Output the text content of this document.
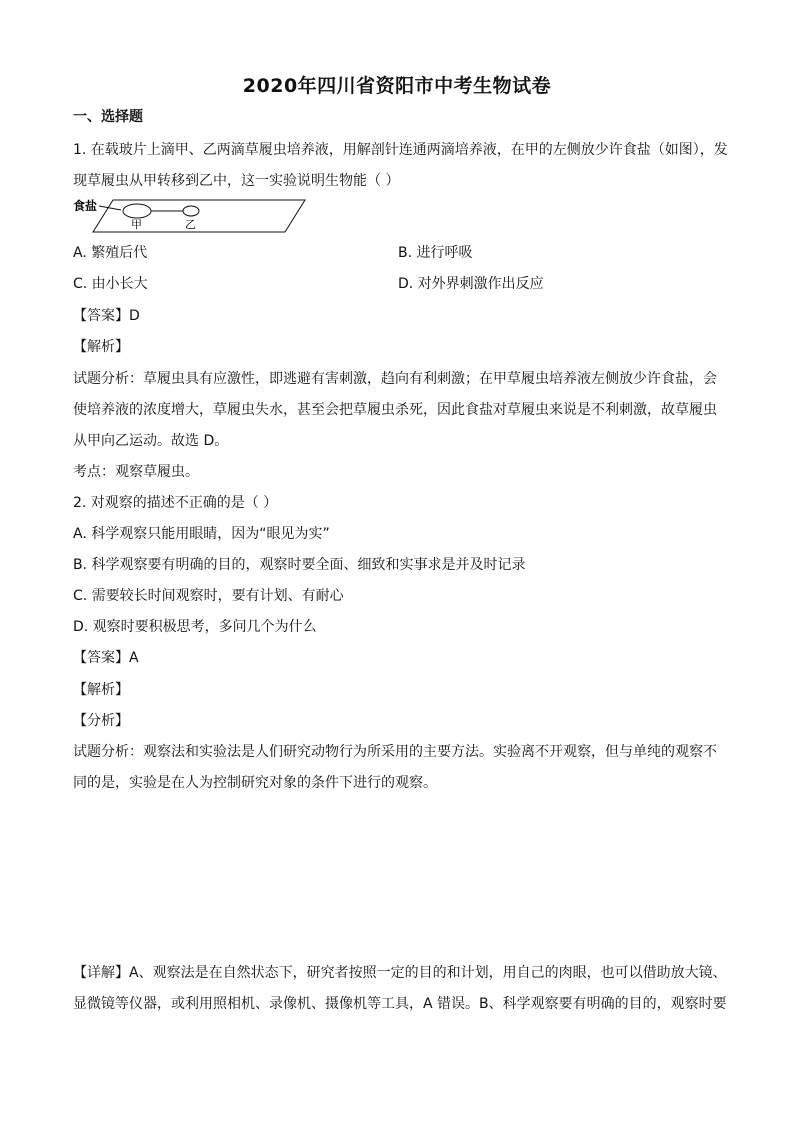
2020年四川省资阳市中考生物试卷
一、选择题
1. 在载玻片上滴甲、乙两滴草履虫培养液，用解剖针连通两滴培养液，在甲的左侧放少许食盐（如图），发
现草履虫从甲转移到乙中，这一实验说明生物能（ ）
食盐
甲	乙
A. 繁殖后代	B. 进行呼吸
C. 由小长大	D. 对外界刺激作出反应
【答案】D
【解析】
试题分析：草履虫具有应激性，即逃避有害刺激，趋向有利刺激；在甲草履虫培养液左侧放少许食盐，会
使培养液的浓度增大，草履虫失水，甚至会把草履虫杀死，因此食盐对草履虫来说是不利刺激，故草履虫
从甲向乙运动。故选 D。
考点：观察草履虫。
2. 对观察的描述不正确的是（ ）
A. 科学观察只能用眼睛，因为“眼见为实”
B. 科学观察要有明确的目的，观察时要全面、细致和实事求是并及时记录
C. 需要较长时间观察时，要有计划、有耐心
D. 观察时要积极思考，多问几个为什么
【答案】A
【解析】
【分析】
试题分析：观察法和实验法是人们研究动物行为所采用的主要方法。实验离不开观察，但与单纯的观察不
同的是，实验是在人为控制研究对象的条件下进行的观察。
【详解】A、观察法是在自然状态下，研究者按照一定的目的和计划，用自己的肉眼，也可以借助放大镜、
显微镜等仪器，或利用照相机、录像机、摄像机等工具，A 错误。B、科学观察要有明确的目的，观察时要
